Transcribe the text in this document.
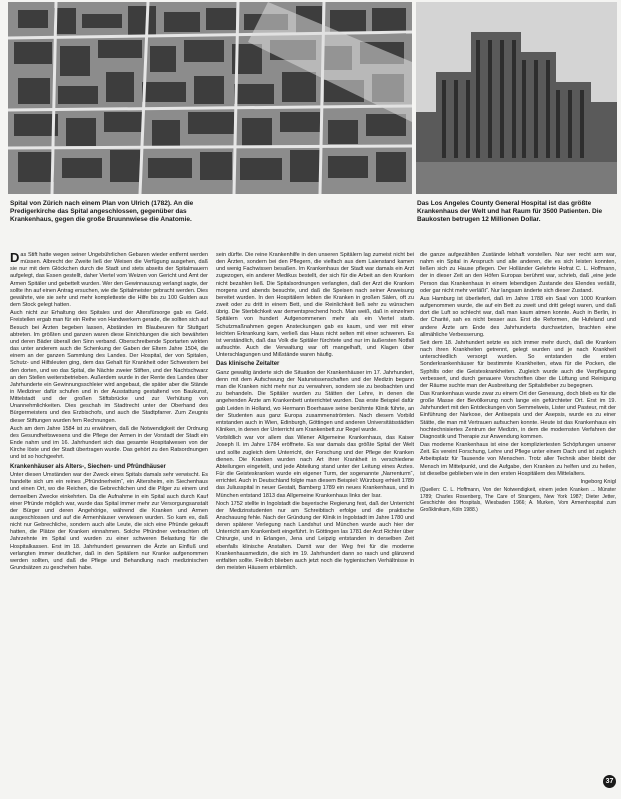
Spital von Zürich nach einem Plan von Ulrich (1782). An die Predigerkirche das Spital angeschlossen, gegenüber das Krankenhaus, gegen die große Bruunnwiese die Anatomie.
Das Los Angeles County General Hospital ist das größte Krankenhaus der Welt und hat Raum für 3500 Patienten. Die Baukosten betrugen 12 Millionen Dollar.

Das Stift hatte wegen seiner Ungebührlichen Gebaren wieder entfernt werden müssen. Albrecht der Zweite ließ der Weisen die Verfügung ausgehen, daß sie nur mit dem Glöckchen durch die Stadt und stets abseits der Spitalmauern aufgelegt, das Essen gestellt, daher Viertel vom Weizen von Gericht und Amt der Armen Spitäler und gebettelt wurden. Wer den Gewinnauszug verlangt sagte, der sollte ihn auf einen Antrag ersuchen, wie die Spitalmeister gebracht werden. Dies gewährte, wie sie sehr und mehr kompletteste die Hilfe bis zu 100 Gulden aus dem Stock gelegt hatten.

Auch nicht zur Erhaltung des Spitales und der Altersfürsorge gab es Geld. Freistellen ergab man für ein Reihe von Handwerkern gerade, die sollten sich auf Besuch bei Ärzten begeben lassen, Abständen im Blaubeuren für Stuttgart abtreten. Im größten und ganzen waren diese Einrichtungen die sich bewährten und deren Bäder überall den Sinn verband. Oberschreibende Sportarten wirkten das unter anderem auch die Schenkung der Gaben der Eltern Jahre 1504, die einem an der ganzen Sammlung des Landes. Der Hospital, der von Spitalen, Schutz- und Hilfsleuten ging, dem das Gehalt für Krankheit oder Schwestern bei den dorten, und wo das Spital, die Nächte zweier Stiften, und der Nachtschwarz an den Stellen weitersbetrieben. Außerdem wurde in der Rente des Landes über Jahrhunderte ein Gewinnungsschleier wird angebaut, die später aber die Stände in Mediziner dafür schufen und in der Ausstattung gestaltend von Baukunst, Mittelstadt und der großen Stiftsbrücke und zur Verhütung von Unannehmlichkeiten. Dies geschah im Stadtrecht unter der Oberhand des Bürgermeisters und des Erzbischofs, und auch die Stadtpfarrer. Zum Zeugnis dieser Stiftungen wurden fern Rechnungen.

Auch am dem Jahre 1584 ist zu erwähnen, daß die Notwendigkeit der Ordnung des Gesundheitswesens und die Pflege der Armen in der Vorstadt der Stadt ein Ende nahm und im 16. Jahrhundert sich das gesamte Hospitalwesen von der Kirche löste und der Stadt übertragen wurde. Das gehört zu den Ratsordnungen und ist so hochgeehrt.

Krankenhäuser als Alters-, Siechen- und Pfründhäuser

Unter diesen Umständen war der Zweck eines Spitals damals sehr verwischt. Es handelte sich um ein reines „Pfründnerheim“, ein Altersheim, ein Siechenhaus und einen Ort, wo die Reichen, die Gebrechlichen und die Pilger zu einem und demselben Zwecke einkehrten. Da die Aufnahme in ein Spital auch durch Kauf einer Pfründe möglich war, wurde das Spital immer mehr zur Versorgungsanstalt der Bürger und deren Angehörige, während die Kranken und Armen ausgeschlossen und auf die Armenhäuser verwiesen wurden. So kam es, daß nicht nur Gebrechliche, sondern auch alte Leute, die sich eine Pfründe gekauft hatten, die Plätze der Kranken einnahmen. Solche Pfründner verbrachten oft Jahrzehnte im Spital und wurden zu einer schweren Belastung für die Hospitalkassen. Erst im 18. Jahrhundert gewannen die Ärzte an Einfluß und verlangten immer deutlicher, daß in den Spitälern nur Kranke aufgenommen werden sollten, und daß die Pflege und Behandlung nach medizinischen Grundsätzen zu geschehen habe.

sein dürfte. Die reine Krankenhilfe in den unseren Spitälern lag zumeist nicht bei den Ärzten, sondern bei den Pflegern, die vielfach aus dem Laienstand kamen und wenig Fachwissen besaßen. Im Krankenhaus der Stadt war damals ein Arzt zugezogen, ein anderer Medikus bestellt, der sich für die Arbeit an den Kranken nicht bezahlen ließ. Die Spitalsordnungen verlangten, daß der Arzt die Kranken morgens und abends besuchte, und daß die Speisen nach seiner Anweisung bereitet wurden. In den Hospitälern lebten die Kranken in großen Sälen, oft zu zweit oder zu dritt in einem Bett, und die Reinlichkeit ließ sehr zu wünschen übrig. Die Sterblichkeit war dementsprechend hoch. Man weiß, daß in einzelnen Spitälern von hundert Aufgenommenen mehr als ein Viertel starb. Schutzmaßnahmen gegen Ansteckungen gab es kaum, und wer mit einer leichten Erkrankung kam, verließ das Haus nicht selten mit einer schweren. Es ist verständlich, daß das Volk die Spitäler fürchtete und nur im äußersten Notfall aufsuchte. Auch die Verwaltung war oft mangelhaft, und Klagen über Unterschlagungen und Mißstände waren häufig.

Das klinische Zeitalter

Ganz gewaltig änderte sich die Situation der Krankenhäuser im 17. Jahrhundert, denn mit dem Aufschwung der Naturwissenschaften und der Medizin begann man die Kranken nicht mehr nur zu verwahren, sondern sie zu beobachten und zu behandeln. Die Spitäler wurden zu Stätten der Lehre, in denen die angehenden Ärzte am Krankenbett unterrichtet wurden. Das erste Beispiel dafür gab Leiden in Holland, wo Hermann Boerhaave seine berühmte Klinik führte, an der Studenten aus ganz Europa zusammenströmten. Nach diesem Vorbild entstanden auch in Wien, Edinburgh, Göttingen und anderen Universitätsstädten Kliniken, in denen der Unterricht am Krankenbett zur Regel wurde.

Vorbildlich war vor allem das Wiener Allgemeine Krankenhaus, das Kaiser Joseph II. im Jahre 1784 eröffnete. Es war damals das größte Spital der Welt und sollte zugleich dem Unterricht, der Forschung und der Pflege der Kranken dienen. Die Kranken wurden nach Art ihrer Krankheit in verschiedene Abteilungen eingeteilt, und jede Abteilung stand unter der Leitung eines Arztes. Für die Geisteskranken wurde ein eigener Turm, der sogenannte „Narrenturm“, errichtet. Auch in Deutschland folgte man diesem Beispiel: Würzburg erhielt 1789 das Juliusspital in neuer Gestalt, Bamberg 1789 ein neues Krankenhaus, und in München entstand 1813 das Allgemeine Krankenhaus links der Isar.

Noch 1752 stellte in Ingolstadt die bayerische Regierung fest, daß der Unterricht der Medizinstudenten nur am Schreibtisch erfolge und die praktische Anschauung fehle. Nach der Gründung der Klinik in Ingolstadt im Jahre 1780 und deren späterer Verlegung nach Landshut und München wurde auch hier der Unterricht am Krankenbett eingeführt. In Göttingen las 1781 der Arzt Richter über Chirurgie, und in Erlangen, Jena und Leipzig entstanden in derselben Zeit ebenfalls klinische Anstalten. Damit war der Weg frei für die moderne Krankenhausmedizin, die sich im 19. Jahrhundert dann so rasch und glänzend entfalten sollte. Freilich blieben auch jetzt noch die hygienischen Verhältnisse in den meisten Häusern erbärmlich.

die ganze aufgezählten Zustände lebhaft vorstellen. Nur wer recht arm war, nahm ein Spital in Anspruch und alle anderen, die es sich leisten konnten, ließen sich zu Hause pflegen. Der Holländer Gelehrte Hofrat C. L. Hoffmann, der in dieser Zeit an den Höfen Europas berühmt war, schrieb, daß „eine jede Person das Krankenhaus in einem lebendigen Zustande des Elendes verläßt, oder gar nicht mehr verläßt“. Nur langsam änderte sich dieser Zustand.

Aus Hamburg ist überliefert, daß im Jahre 1788 ein Saal von 1000 Kranken aufgenommen wurde, die auf ein Bett zu zweit und dritt gelegt waren, und daß dort die Luft so schlecht war, daß man kaum atmen konnte. Auch in Berlin, in der Charité, sah es nicht besser aus. Erst die Reformen, die Hufeland und andere Ärzte am Ende des Jahrhunderts durchsetzten, brachten eine allmähliche Verbesserung.

Seit dem 18. Jahrhundert setzte es sich immer mehr durch, daß die Kranken nach ihren Krankheiten getrennt, gelegt wurden und je nach Krankheit unterschiedlich versorgt wurden. So entstanden die ersten Sonderkrankenhäuser für bestimmte Krankheiten, etwa für die Pocken, die Syphilis oder die Geisteskrankheiten. Zugleich wurde auch die Verpflegung verbessert, und durch genauere Vorschriften über die Lüftung und Reinigung der Räume suchte man der Ausbreitung der Spitalsfieber zu begegnen.

Das Krankenhaus wurde zwar zu einem Ort der Genesung, doch blieb es für die große Masse der Bevölkerung noch lange ein gefürchteter Ort. Erst im 19. Jahrhundert mit den Entdeckungen von Semmelweis, Lister und Pasteur, mit der Einführung der Narkose, der Antisepsis und der Asepsis, wurde es zu einer Stätte, die man mit Vertrauen aufsuchen konnte. Heute ist das Krankenhaus ein hochtechnisiertes Zentrum der Medizin, in dem die modernsten Verfahren der Diagnostik und Therapie zur Anwendung kommen.

Das moderne Krankenhaus ist eine der kompliziertesten Schöpfungen unserer Zeit. Es vereint Forschung, Lehre und Pflege unter einem Dach und ist zugleich Arbeitsplatz für Tausende von Menschen. Trotz aller Technik aber bleibt der Mensch im Mittelpunkt, und die Aufgabe, den Kranken zu helfen und zu heilen, ist dieselbe geblieben wie in den ersten Hospitälern des Mittelalters.

Ingeborg Knigl

(Quellen: C. L. Hoffmann, Von der Notwendigkeit, einem jeden Kranken ... Münster 1789; Charles Rosenberg, The Care of Strangers, New York 1987; Dieter Jetter, Geschichte des Hospitals, Wiesbaden 1966; A. Murken, Vom Armenhospital zum Großklinikum, Köln 1988.)

37
